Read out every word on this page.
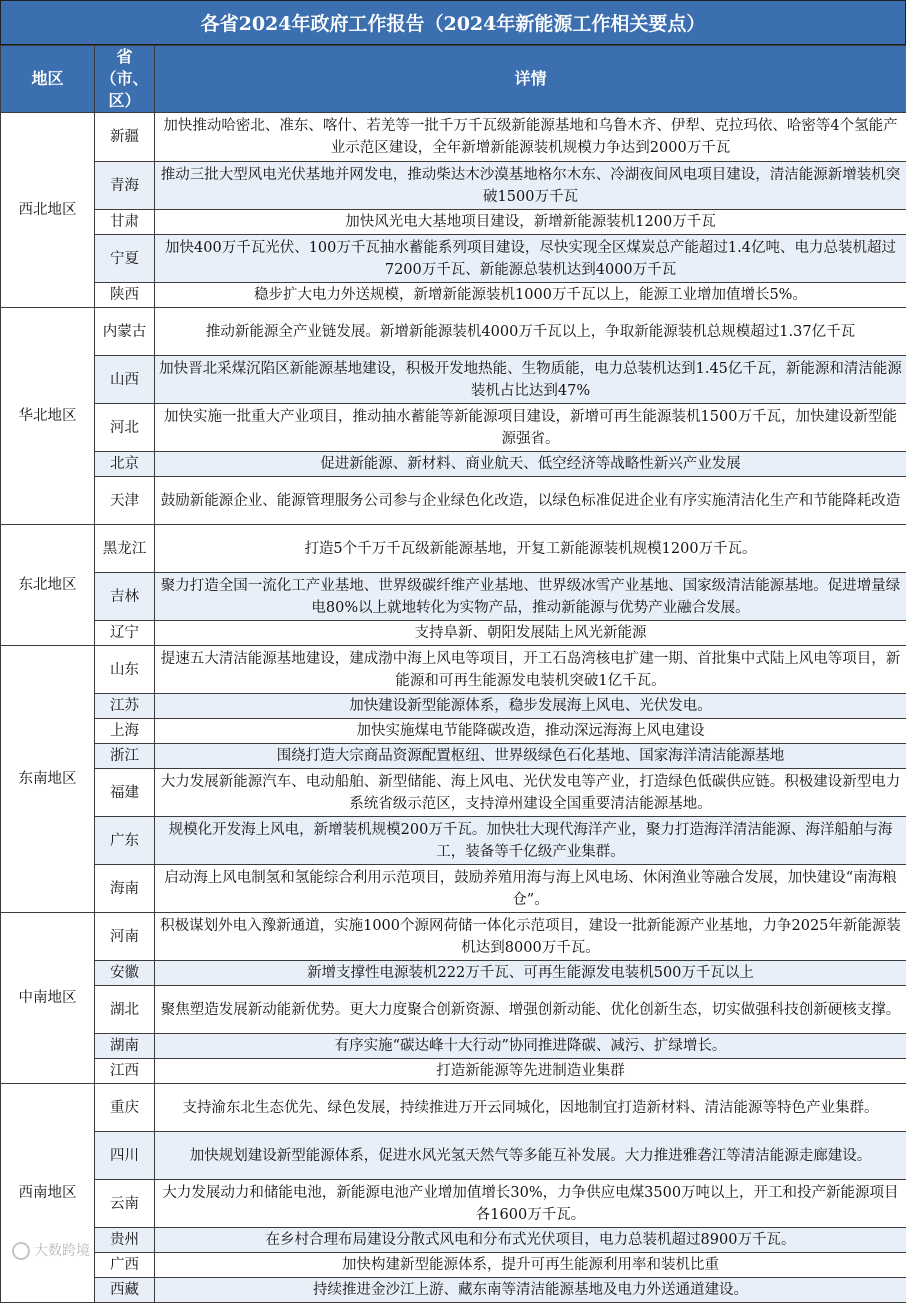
各省2024年政府工作报告（2024年新能源工作相关要点）
地区	省（市、区）	详情
西北地区	新疆	加快推动哈密北、准东、喀什、若羌等一批千万千瓦级新能源基地和乌鲁木齐、伊犁、克拉玛依、哈密等4个氢能产业示范区建设，全年新增新能源装机规模力争达到2000万千瓦
	青海	推动三批大型风电光伏基地并网发电，推动柴达木沙漠基地格尔木东、冷湖夜间风电项目建设，清洁能源新增装机突破1500万千瓦
	甘肃	加快风光电大基地项目建设，新增新能源装机1200万千瓦
	宁夏	加快400万千瓦光伏、100万千瓦抽水蓄能系列项目建设，尽快实现全区煤炭总产能超过1.4亿吨、电力总装机超过7200万千瓦、新能源总装机达到4000万千瓦
	陕西	稳步扩大电力外送规模，新增新能源装机1000万千瓦以上，能源工业增加值增长5%。
华北地区	内蒙古	推动新能源全产业链发展。新增新能源装机4000万千瓦以上，争取新能源装机总规模超过1.37亿千瓦
	山西	加快晋北采煤沉陷区新能源基地建设，积极开发地热能、生物质能，电力总装机达到1.45亿千瓦，新能源和清洁能源装机占比达到47%
	河北	加快实施一批重大产业项目，推动抽水蓄能等新能源项目建设，新增可再生能源装机1500万千瓦，加快建设新型能源强省。
	北京	促进新能源、新材料、商业航天、低空经济等战略性新兴产业发展
	天津	鼓励新能源企业、能源管理服务公司参与企业绿色化改造，以绿色标准促进企业有序实施清洁化生产和节能降耗改造
东北地区	黑龙江	打造5个千万千瓦级新能源基地，开复工新能源装机规模1200万千瓦。
	吉林	聚力打造全国一流化工产业基地、世界级碳纤维产业基地、世界级冰雪产业基地、国家级清洁能源基地。促进增量绿电80%以上就地转化为实物产品，推动新能源与优势产业融合发展。
	辽宁	支持阜新、朝阳发展陆上风光新能源
东南地区	山东	提速五大清洁能源基地建设，建成渤中海上风电等项目，开工石岛湾核电扩建一期、首批集中式陆上风电等项目，新能源和可再生能源发电装机突破1亿千瓦。
	江苏	加快建设新型能源体系，稳步发展海上风电、光伏发电。
	上海	加快实施煤电节能降碳改造，推动深远海海上风电建设
	浙江	围绕打造大宗商品资源配置枢纽、世界级绿色石化基地、国家海洋清洁能源基地
	福建	大力发展新能源汽车、电动船舶、新型储能、海上风电、光伏发电等产业，打造绿色低碳供应链。积极建设新型电力系统省级示范区，支持漳州建设全国重要清洁能源基地。
	广东	规模化开发海上风电，新增装机规模200万千瓦。加快壮大现代海洋产业，聚力打造海洋清洁能源、海洋船舶与海工，装备等千亿级产业集群。
	海南	启动海上风电制氢和氢能综合利用示范项目，鼓励养殖用海与海上风电场、休闲渔业等融合发展，加快建设“南海粮仓”。
中南地区	河南	积极谋划外电入豫新通道，实施1000个源网荷储一体化示范项目，建设一批新能源产业基地，力争2025年新能源装机达到8000万千瓦。
	安徽	新增支撑性电源装机222万千瓦、可再生能源发电装机500万千瓦以上
	湖北	聚焦塑造发展新动能新优势。更大力度聚合创新资源、增强创新动能、优化创新生态，切实做强科技创新硬核支撑。
	湖南	有序实施“碳达峰十大行动”协同推进降碳、减污、扩绿增长。
	江西	打造新能源等先进制造业集群
西南地区	重庆	支持渝东北生态优先、绿色发展，持续推进万开云同城化，因地制宜打造新材料、清洁能源等特色产业集群。
	四川	加快规划建设新型能源体系，促进水风光氢天然气等多能互补发展。大力推进雅砻江等清洁能源走廊建设。
	云南	大力发展动力和储能电池，新能源电池产业增加值增长30%，力争供应电煤3500万吨以上，开工和投产新能源项目各1600万千瓦。
	贵州	在乡村合理布局建设分散式风电和分布式光伏项目，电力总装机超过8900万千瓦。
	广西	加快构建新型能源体系，提升可再生能源利用率和装机比重
	西藏	持续推进金沙江上游、藏东南等清洁能源基地及电力外送通道建设。
大数跨境
